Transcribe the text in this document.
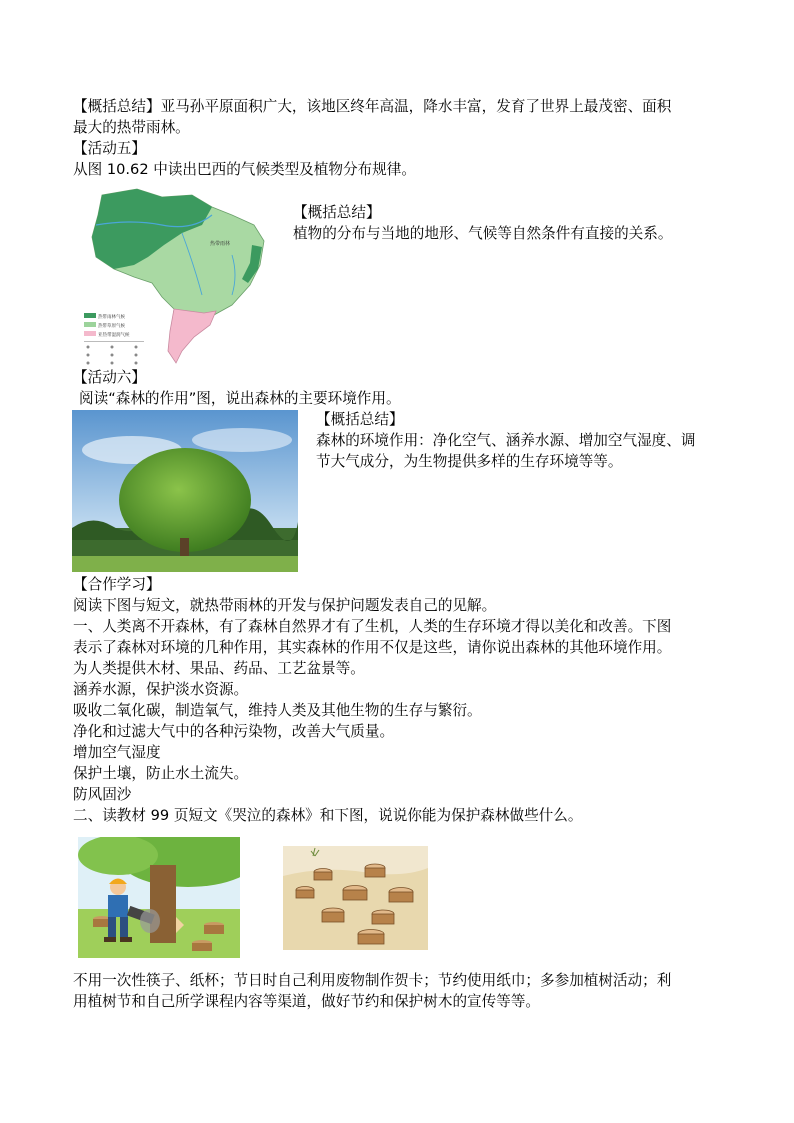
【概括总结】亚马孙平原面积广大，该地区终年高温，降水丰富，发育了世界上最茂密、面积
最大的热带雨林。
【活动五】
从图 10.62 中读出巴西的气候类型及植物分布规律。
热带雨林
热带雨林气候
热带草原气候
亚热带湿润气候
【概括总结】
植物的分布与当地的地形、气候等自然条件有直接的关系。
【活动六】
阅读“森林的作用”图，说出森林的主要环境作用。
【概括总结】
森林的环境作用：净化空气、涵养水源、增加空气湿度、调
节大气成分，为生物提供多样的生存环境等等。
【合作学习】
阅读下图与短文，就热带雨林的开发与保护问题发表自己的见解。
一、人类离不开森林，有了森林自然界才有了生机，人类的生存环境才得以美化和改善。下图
表示了森林对环境的几种作用，其实森林的作用不仅是这些，请你说出森林的其他环境作用。
为人类提供木材、果品、药品、工艺盆景等。
涵养水源，保护淡水资源。
吸收二氧化碳，制造氧气，维持人类及其他生物的生存与繁衍。
净化和过滤大气中的各种污染物，改善大气质量。
增加空气湿度
保护土壤，防止水土流失。
防风固沙
二、读教材 99 页短文《哭泣的森林》和下图，说说你能为保护森林做些什么。
不用一次性筷子、纸杯；节日时自己利用废物制作贺卡；节约使用纸巾；多参加植树活动；利
用植树节和自己所学课程内容等渠道，做好节约和保护树木的宣传等等。
